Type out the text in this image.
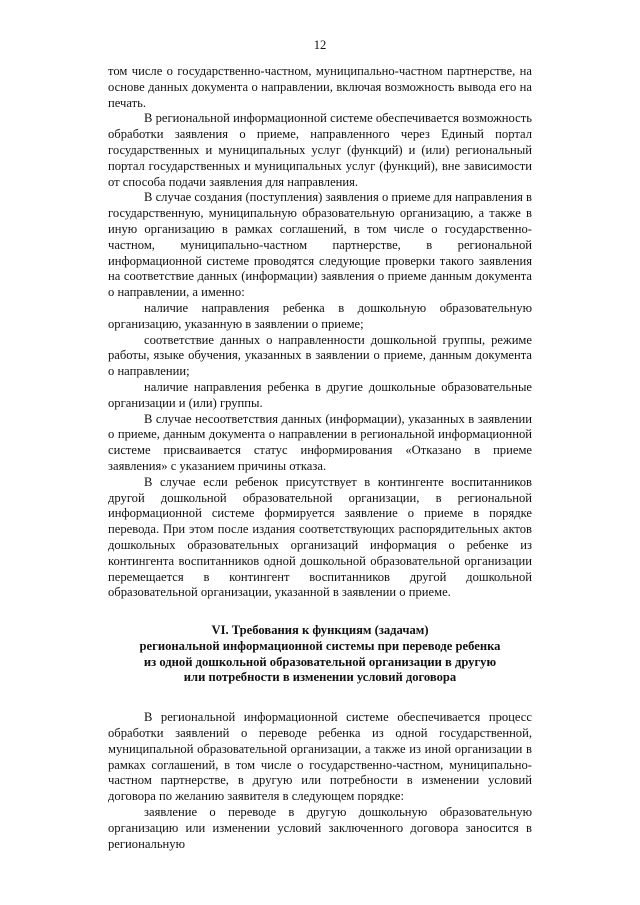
12

том числе о государственно-частном, муниципально-частном партнерстве, на основе данных документа о направлении, включая возможность вывода его на печать.

В региональной информационной системе обеспечивается возможность обработки заявления о приеме, направленного через Единый портал государственных и муниципальных услуг (функций) и (или) региональный портал государственных и муниципальных услуг (функций), вне зависимости от способа подачи заявления для направления.

В случае создания (поступления) заявления о приеме для направления в государственную, муниципальную образовательную организацию, а также в иную организацию в рамках соглашений, в том числе о государственно-частном, муниципально-частном партнерстве, в региональной информационной системе проводятся следующие проверки такого заявления на соответствие данных (информации) заявления о приеме данным документа о направлении, а именно:

наличие направления ребенка в дошкольную образовательную организацию, указанную в заявлении о приеме;

соответствие данных о направленности дошкольной группы, режиме работы, языке обучения, указанных в заявлении о приеме, данным документа о направлении;

наличие направления ребенка в другие дошкольные образовательные организации и (или) группы.

В случае несоответствия данных (информации), указанных в заявлении о приеме, данным документа о направлении в региональной информационной системе присваивается статус информирования «Отказано в приеме заявления» с указанием причины отказа.

В случае если ребенок присутствует в контингенте воспитанников другой дошкольной образовательной организации, в региональной информационной системе формируется заявление о приеме в порядке перевода. При этом после издания соответствующих распорядительных актов дошкольных образовательных организаций информация о ребенке из контингента воспитанников одной дошкольной образовательной организации перемещается в контингент воспитанников другой дошкольной образовательной организации, указанной в заявлении о приеме.

VI. Требования к функциям (задачам)
региональной информационной системы при переводе ребенка
из одной дошкольной образовательной организации в другую
или потребности в изменении условий договора

В региональной информационной системе обеспечивается процесс обработки заявлений о переводе ребенка из одной государственной, муниципальной образовательной организации, а также из иной организации в рамках соглашений, в том числе о государственно-частном, муниципально-частном партнерстве, в другую или потребности в изменении условий договора по желанию заявителя в следующем порядке:

заявление о переводе в другую дошкольную образовательную организацию или изменении условий заключенного договора заносится в региональную
